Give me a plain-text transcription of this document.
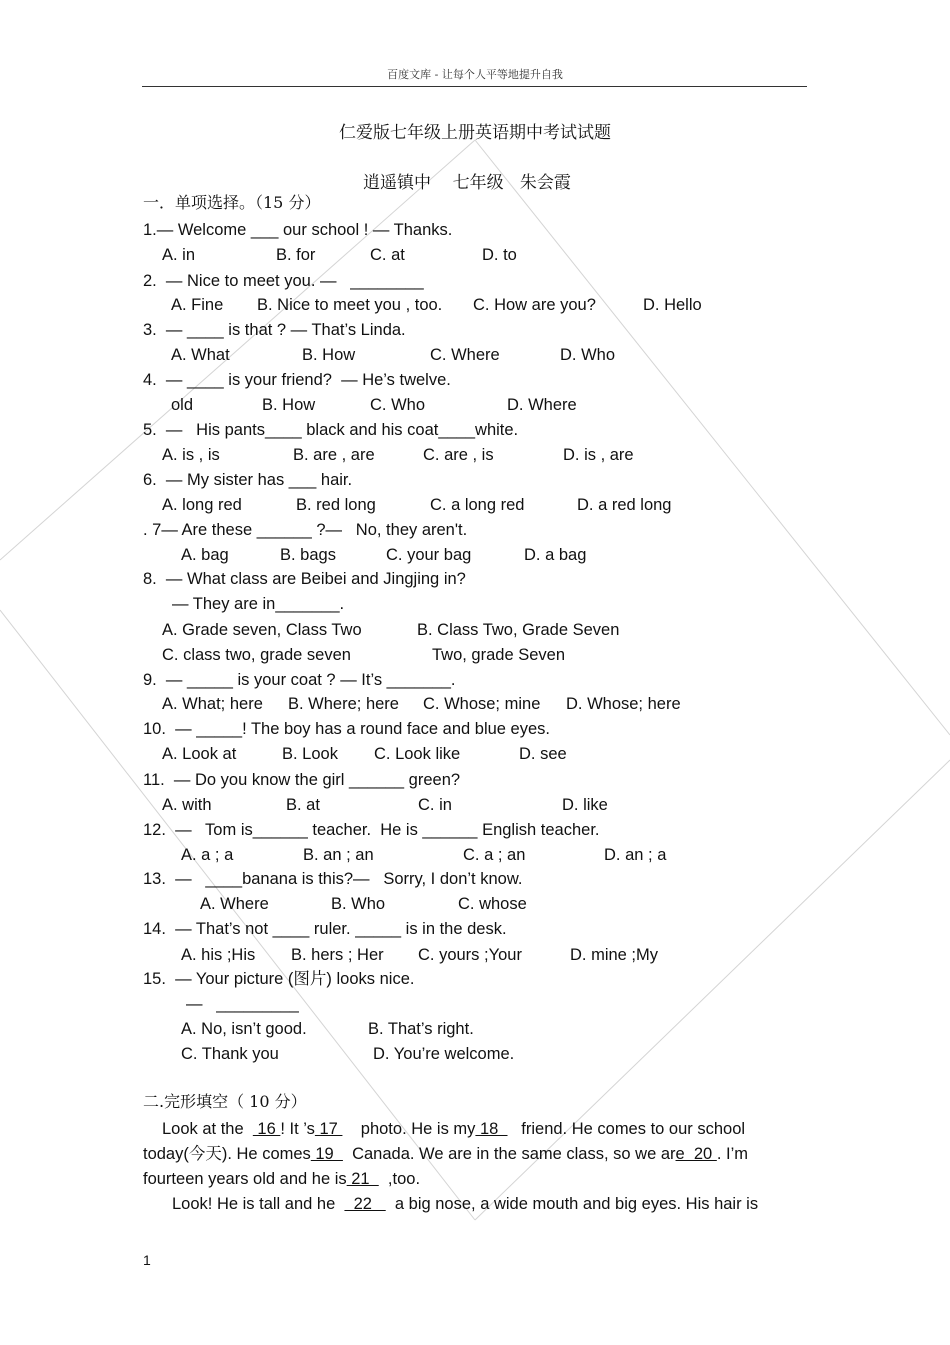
百度文库 - 让每个人平等地提升自我
仁爱版七年级上册英语期中考试试题
逍遥镇中    七年级   朱会霞
一．单项选择。（15 分）
1.— Welcome ___ our school ! — Thanks.
A. in	B. for	C. at	D. to
2.  — Nice to meet you. —   ________
A. Fine B. Nice to meet you , too. C. How are you?	D. Hello
3.  — ____ is that ? — That’s Linda.
A. What	B. How	C. Where	D. Who
4.  — ____ is your friend?  — He’s twelve.
old	B. How	C. Who	D. Where
5.  —   His pants____ black and his coat____white.
A. is , is	B. are , are	C. are , is	D. is , are
6.  — My sister has ___ hair.
A. long red	B. red long	C. a long red	D. a red long
. 7— Are these ______ ?—   No, they aren't.
A. bag	B. bags	C. your bag	D. a bag
8.  — What class are Beibei and Jingjing in?
— They are in_______.
A. Grade seven, Class Two	B. Class Two, Grade Seven
C. class two, grade seven	Two, grade Seven
9.  — _____ is your coat ? — It’s _______.
A. What; here B. Where; here C. Whose; mine D. Whose; here
10.  — _____! The boy has a round face and blue eyes.
A. Look at	B. Look C. Look like	D. see
11.  — Do you know the girl ______ green?
A. with	B. at	C. in	D. like
12.  —   Tom is______ teacher.  He is ______ English teacher.
A. a ; a	B. an ; an	C. a ; an	D. an ; a
13.  —   ____banana is this?—   Sorry, I don’t know.
A. Where	B. Who	C. whose
14.  — That’s not ____ ruler. _____ is in the desk.
A. his ;His B. hers ; Her C. yours ;Your	D. mine ;My
15.  — Your picture (图片) looks nice.
—   _________
A. No, isn’t good.	B. That’s right.
C. Thank you	D. You’re welcome.
二.完形填空（ 10 分）
Look at the   16 ! It ’s 17     photo. He is my 18     friend. He comes to our school
today(今天). He comes 19    Canada. We are in the same class, so we are  20 . I’m
fourteen years old and he is 21    ,too.
Look! He is tall and he    22     a big nose, a wide mouth and big eyes. His hair is
1
